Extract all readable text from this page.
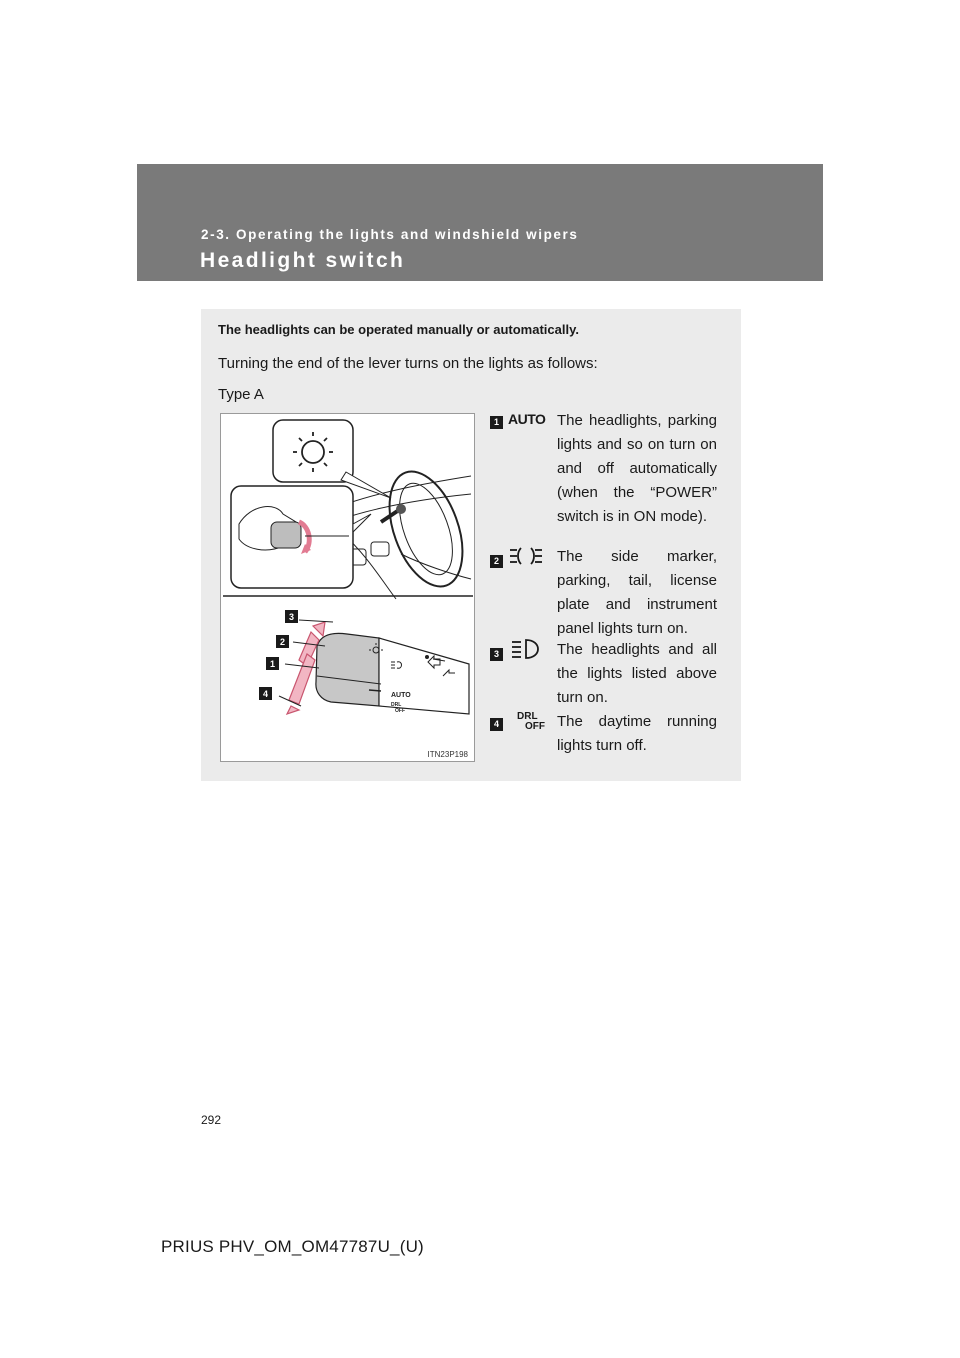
2-3. Operating the lights and windshield wipers
Headlight switch
The headlights can be operated manually or automatically.
Turning the end of the lever turns on the lights as follows:
Type A
AUTO
DRL
OFF
3
2
1
4
ITN23P198
1 AUTO The headlights, parking lights and so on turn on and off automatically (when the “POWER” switch is in ON mode).
2	The side marker, parking, tail, license plate and instrument panel lights turn on.
3	The headlights and all the lights listed above turn on.
4
DRL
OFF The daytime running lights turn off.
292
PRIUS PHV_OM_OM47787U_(U)
